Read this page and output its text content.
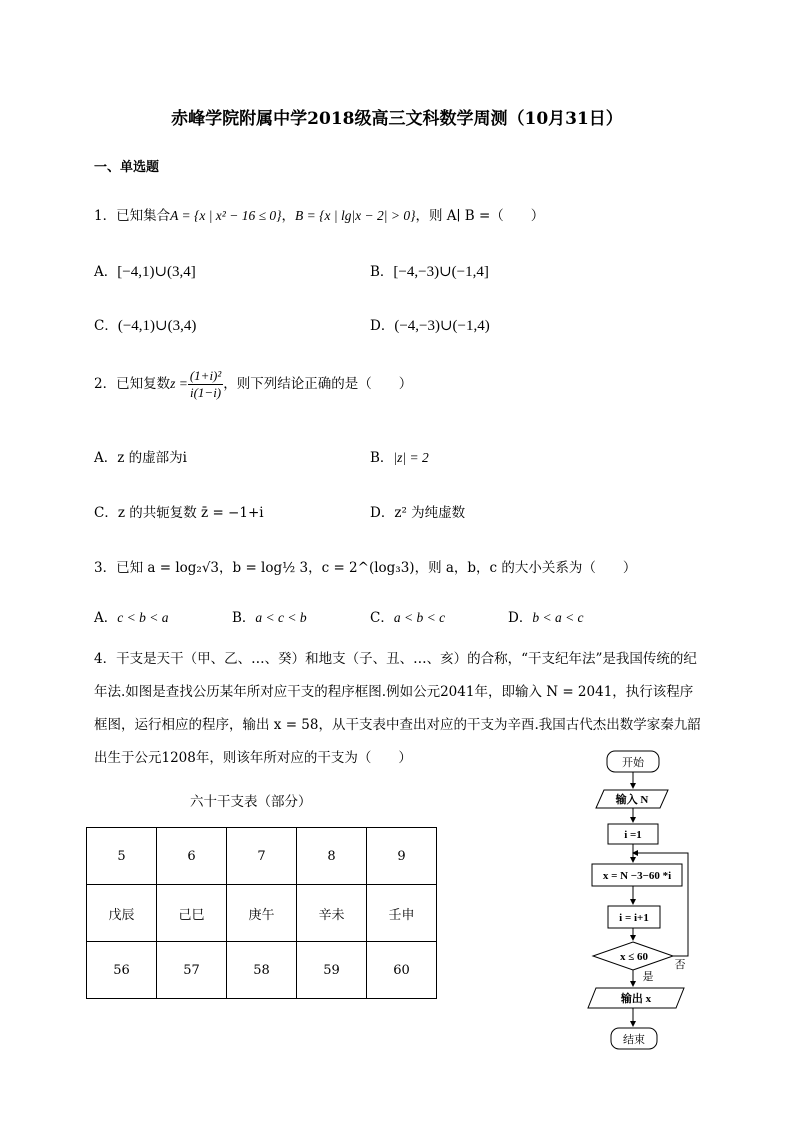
赤峰学院附属中学2018级高三文科数学周测（10月31日）
一、单选题
1．已知集合A = {x | x² − 16 ≤ 0}，B = {x | lg|x − 2| > 0}，则 A∣ B =（　　）
A．[−4,1)∪(3,4]	B．[−4,−3)∪(−1,4]
C．(−4,1)∪(3,4)	D．(−4,−3)∪(−1,4)
2．已知复数$z = \frac{\text{(1+i)²}}{i(1-i)}$ ，则下列结论正确的是（　　）
A．z 的虚部为i	B．|z| = 2
C．z 的共轭复数 z̄ = −1+i	D．z² 为纯虚数
3．已知 a = log₂√3，b = log½ 3，c = 2^(log₃3)，则 a，b，c 的大小关系为（　　）
A．c < b < a	B．a < c < b	C．a < b < c	D．b < a < c
4．干支是天干（甲、乙、…、癸）和地支（子、丑、…、亥）的合称，“干支纪年法”是我国传统的纪年法.如图是查找公历某年所对应干支的程序框图.例如公元2041年，即输入 N = 2041，执行该程序框图，运行相应的程序，输出 x = 58，从干支表中查出对应的干支为辛酉.我国古代杰出数学家秦九韶出生于公元1208年，则该年所对应的干支为（　　）
六十干支表（部分）
5	6	7	8	9
戊辰	己巳	庚午	辛未	壬申
56	57	58	59	60
开始
输入 N
i =1
x = N −3−60 *i
i = i+1
x ≤ 60
是
否
输出 x
结束
